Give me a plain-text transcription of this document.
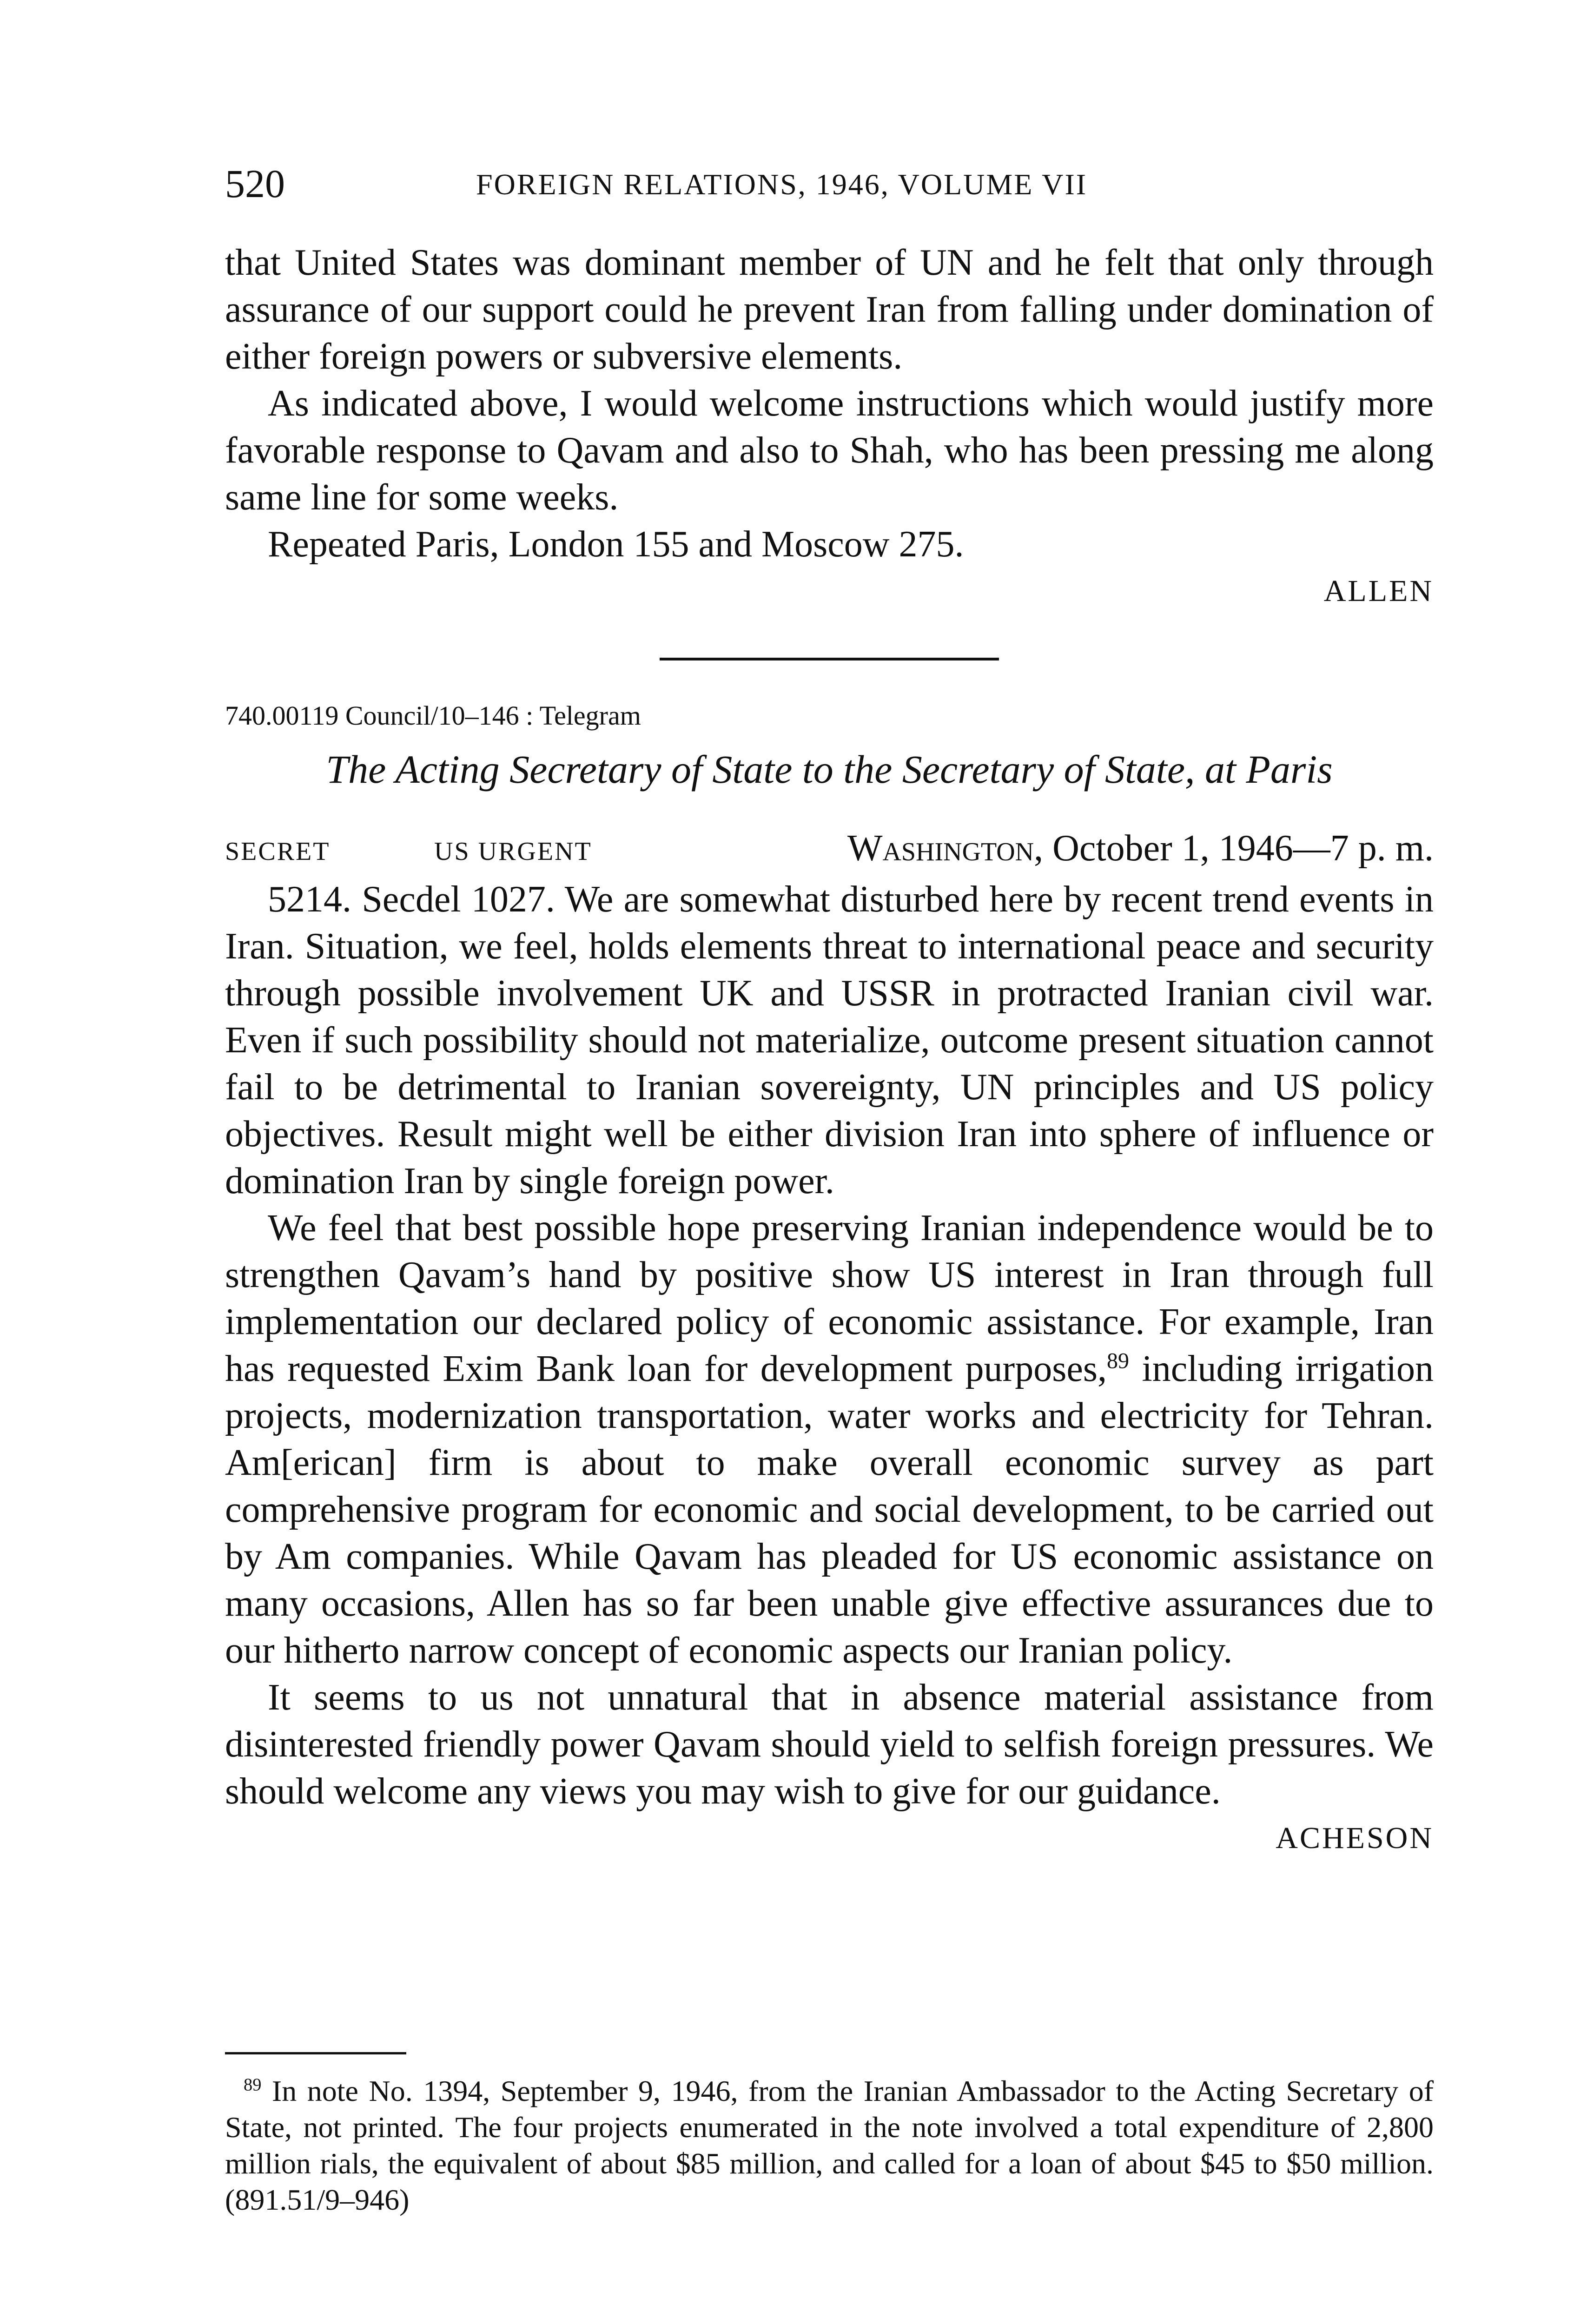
520	FOREIGN RELATIONS, 1946, VOLUME VII

that United States was dominant member of UN and he felt that only through assurance of our support could he prevent Iran from falling under domination of either foreign powers or subversive elements.

As indicated above, I would welcome instructions which would justify more favorable response to Qavam and also to Shah, who has been pressing me along same line for some weeks.

Repeated Paris, London 155 and Moscow 275.

ALLEN

740.00119 Council/10–146 : Telegram
The Acting Secretary of State to the Secretary of State, at Paris
SECRET	US URGENT	Washington, October 1, 1946—7 p. m.

5214. Secdel 1027. We are somewhat disturbed here by recent trend events in Iran. Situation, we feel, holds elements threat to international peace and security through possible involvement UK and USSR in protracted Iranian civil war. Even if such possibility should not materialize, outcome present situation cannot fail to be detrimental to Iranian sovereignty, UN principles and US policy objectives. Result might well be either division Iran into sphere of influence or domination Iran by single foreign power.

We feel that best possible hope preserving Iranian independence would be to strengthen Qavam’s hand by positive show US interest in Iran through full implementation our declared policy of economic assistance. For example, Iran has requested Exim Bank loan for development purposes,$^{89}$ including irrigation projects, modernization transportation, water works and electricity for Tehran. Am[erican] firm is about to make overall economic survey as part comprehensive program for economic and social development, to be carried out by Am companies. While Qavam has pleaded for US economic assistance on many occasions, Allen has so far been unable give effective assurances due to our hitherto narrow concept of economic aspects our Iranian policy.

It seems to us not unnatural that in absence material assistance from disinterested friendly power Qavam should yield to selfish foreign pressures. We should welcome any views you may wish to give for our guidance.

ACHESON

$^{89}$ In note No. 1394, September 9, 1946, from the Iranian Ambassador to the Acting Secretary of State, not printed. The four projects enumerated in the note involved a total expenditure of 2,800 million rials, the equivalent of about $85 million, and called for a loan of about $45 to $50 million. (891.51/9–946)
